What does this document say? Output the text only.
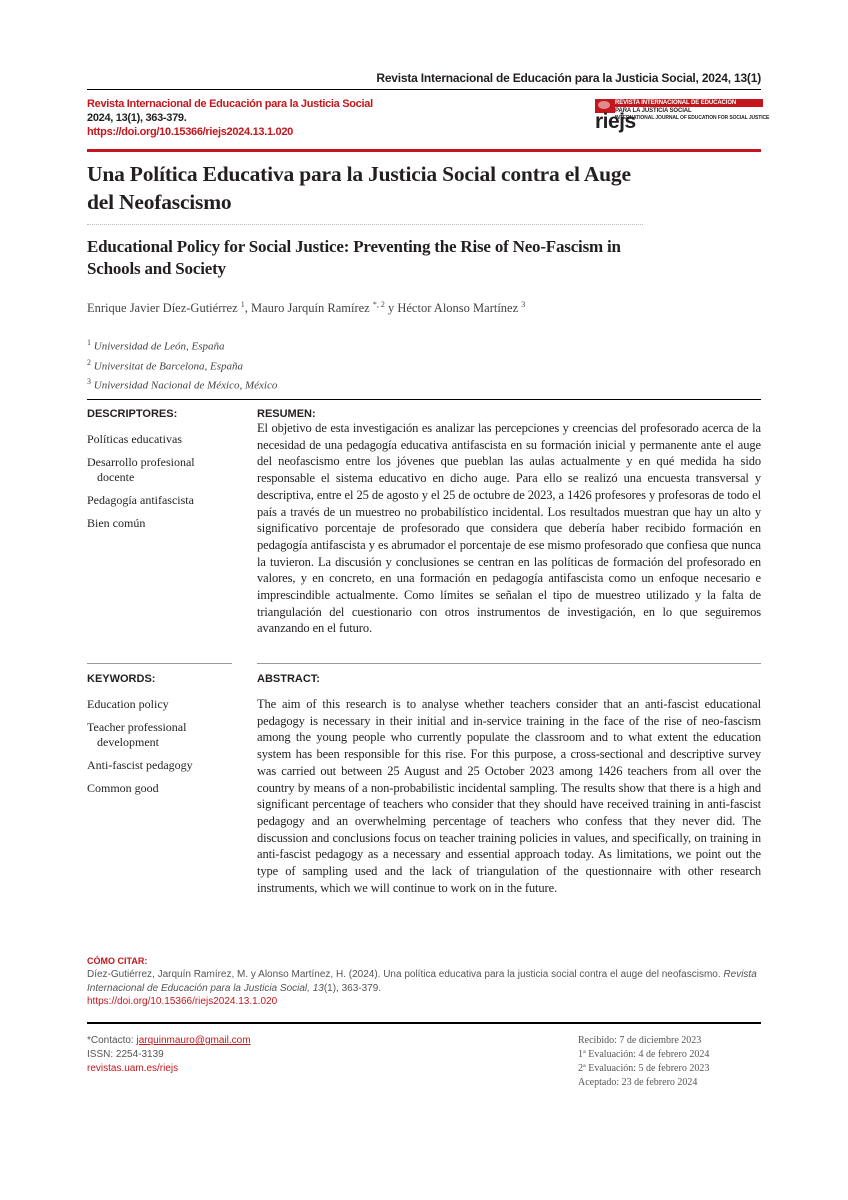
Revista Internacional de Educación para la Justicia Social, 2024, 13(1)
Revista Internacional de Educación para la Justicia Social
2024, 13(1), 363-379.
https://doi.org/10.15366/riejs2024.13.1.020
REVISTA INTERNACIONAL DE EDUCACIÓN
PARA LA JUSTICIA SOCIAL
INTERNATIONAL JOURNAL OF EDUCATION FOR SOCIAL JUSTICE
riejs
Una Política Educativa para la Justicia Social contra el Auge del Neofascismo
Educational Policy for Social Justice: Preventing the Rise of Neo-Fascism in Schools and Society
Enrique Javier Díez-Gutiérrez $^1$, Mauro Jarquín Ramírez $^{*, 2}$ y Héctor Alonso Martínez $^3$
$^1$ Universidad de León, España
$^2$ Universitat de Barcelona, España
$^3$ Universidad Nacional de México, México
DESCRIPTORES:	RESUMEN:
Políticas educativas
Desarrollo profesional
docente
Pedagogía antifascista
Bien común
El objetivo de esta investigación es analizar las percepciones y creencias del profesorado acerca de la necesidad de una pedagogía educativa antifascista en su formación inicial y permanente ante el auge del neofascismo entre los jóvenes que pueblan las aulas actualmente y en qué medida ha sido responsable el sistema educativo en dicho auge. Para ello se realizó una encuesta transversal y descriptiva, entre el 25 de agosto y el 25 de octubre de 2023, a 1426 profesores y profesoras de todo el país a través de un muestreo no probabilístico incidental. Los resultados muestran que hay un alto y significativo porcentaje de profesorado que considera que debería haber recibido formación en pedagogía antifascista y es abrumador el porcentaje de ese mismo profesorado que confiesa que nunca la tuvieron. La discusión y conclusiones se centran en las políticas de formación del profesorado en valores, y en concreto, en una formación en pedagogía antifascista como un enfoque necesario e imprescindible actualmente. Como límites se señalan el tipo de muestreo utilizado y la falta de triangulación del cuestionario con otros instrumentos de investigación, en lo que seguiremos avanzando en el futuro.
KEYWORDS:	ABSTRACT:
Education policy
Teacher professional
development
Anti-fascist pedagogy
Common good
The aim of this research is to analyse whether teachers consider that an anti-fascist educational pedagogy is necessary in their initial and in-service training in the face of the rise of neo-fascism among the young people who currently populate the classroom and to what extent the education system has been responsible for this rise. For this purpose, a cross-sectional and descriptive survey was carried out between 25 August and 25 October 2023 among 1426 teachers from all over the country by means of a non-probabilistic incidental sampling. The results show that there is a high and significant percentage of teachers who consider that they should have received training in anti-fascist pedagogy and an overwhelming percentage of teachers who confess that they never did. The discussion and conclusions focus on teacher training policies in values, and specifically, on training in anti-fascist pedagogy as a necessary and essential approach today. As limitations, we point out the type of sampling used and the lack of triangulation of the questionnaire with other research instruments, which we will continue to work on in the future.
CÓMO CITAR:
Díez-Gutiérrez, Jarquín Ramírez, M. y Alonso Martínez, H. (2024). Una política educativa para la justicia social contra el auge del neofascismo. Revista Internacional de Educación para la Justicia Social, 13(1), 363-379.
https://doi.org/10.15366/riejs2024.13.1.020
*Contacto: jarquinmauro@gmail.com
ISSN: 2254-3139
revistas.uam.es/riejs
Recibido: 7 de diciembre 2023
1ª Evaluación: 4 de febrero 2024
2ª Evaluación: 5 de febrero 2023
Aceptado: 23 de febrero 2024
